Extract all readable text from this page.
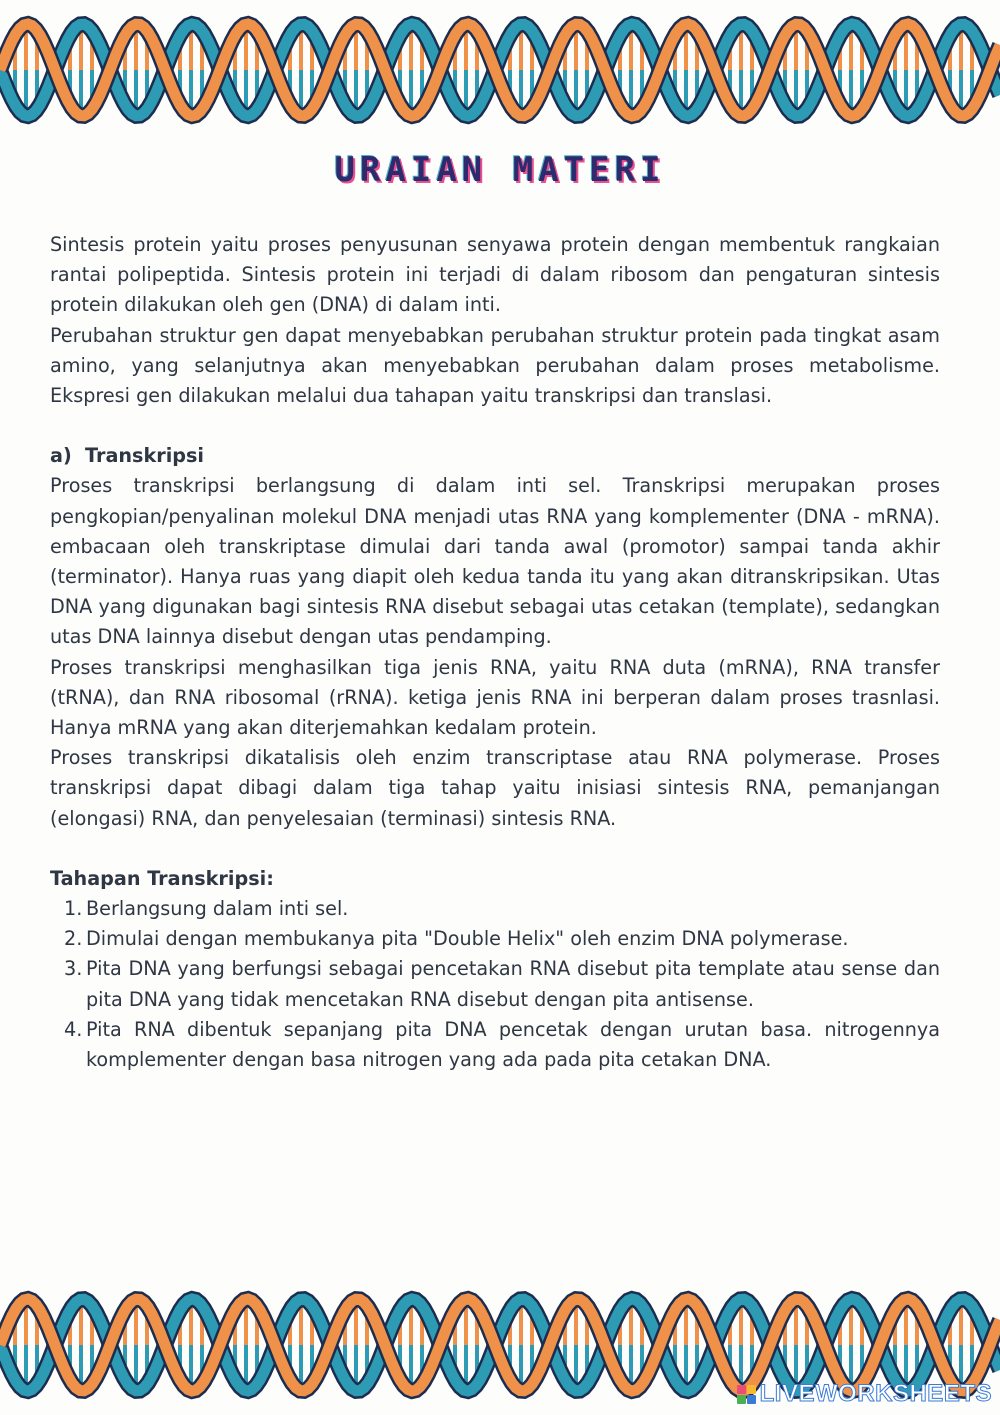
URAIAN MATERI

Sintesis protein yaitu proses penyusunan senyawa protein dengan membentuk rangkaian rantai polipeptida. Sintesis protein ini terjadi di dalam ribosom dan pengaturan sintesis protein dilakukan oleh gen (DNA) di dalam inti.

Perubahan struktur gen dapat menyebabkan perubahan struktur protein pada tingkat asam amino, yang selanjutnya akan menyebabkan perubahan dalam proses metabolisme. Ekspresi gen dilakukan melalui dua tahapan yaitu transkripsi dan translasi.

a) Transkripsi

Proses transkripsi berlangsung di dalam inti sel. Transkripsi merupakan proses pengkopian/penyalinan molekul DNA menjadi utas RNA yang komplementer (DNA - mRNA). embacaan oleh transkriptase dimulai dari tanda awal (promotor) sampai tanda akhir (terminator). Hanya ruas yang diapit oleh kedua tanda itu yang akan ditranskripsikan. Utas DNA yang digunakan bagi sintesis RNA disebut sebagai utas cetakan (template), sedangkan utas DNA lainnya disebut dengan utas pendamping.

Proses transkripsi menghasilkan tiga jenis RNA, yaitu RNA duta (mRNA), RNA transfer (tRNA), dan RNA ribosomal (rRNA). ketiga jenis RNA ini berperan dalam proses trasnlasi. Hanya mRNA yang akan diterjemahkan kedalam protein.

Proses transkripsi dikatalisis oleh enzim transcriptase atau RNA polymerase. Proses transkripsi dapat dibagi dalam tiga tahap yaitu inisiasi sintesis RNA, pemanjangan (elongasi) RNA, dan penyelesaian (terminasi) sintesis RNA.

Tahapan Transkripsi:

1. Berlangsung dalam inti sel.
2. Dimulai dengan membukanya pita "Double Helix" oleh enzim DNA polymerase.
3. Pita DNA yang berfungsi sebagai pencetakan RNA disebut pita template atau sense dan pita DNA yang tidak mencetakan RNA disebut dengan pita antisense.
4. Pita RNA dibentuk sepanjang pita DNA pencetak dengan urutan basa. nitrogennya komplementer dengan basa nitrogen yang ada pada pita cetakan DNA.
LIVEWORKSHEETS
